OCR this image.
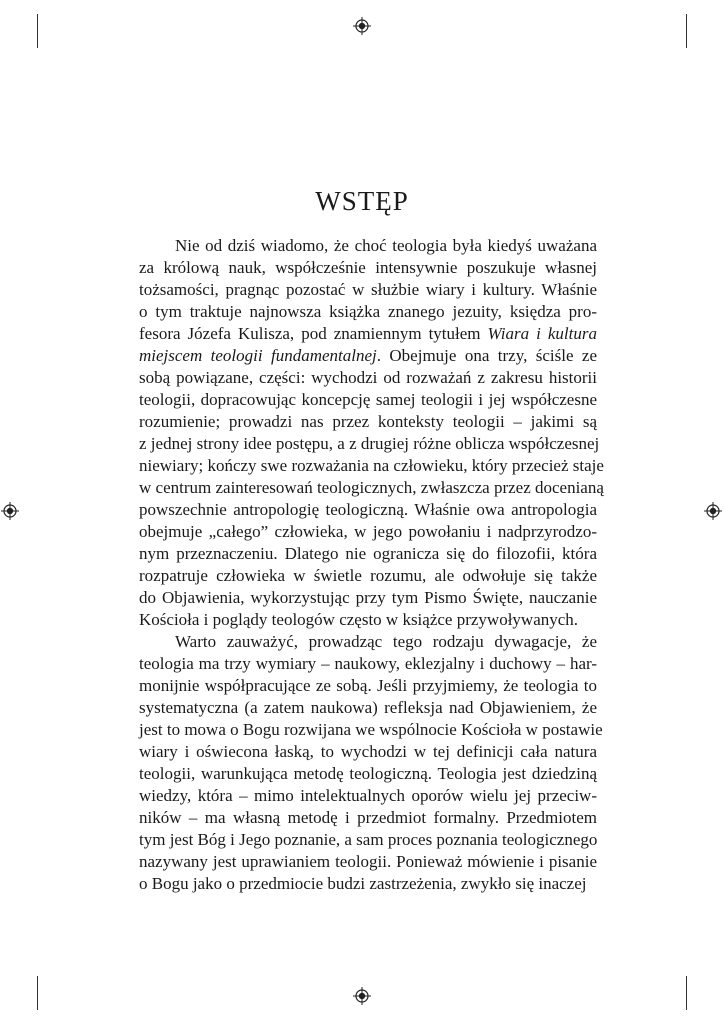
WSTĘP
Nie od dziś wiadomo, że choć teologia była kiedyś uważana
za królową nauk, współcześnie intensywnie poszukuje własnej
tożsamości, pragnąc pozostać w służbie wiary i kultury. Właśnie
o tym traktuje najnowsza książka znanego jezuity, księdza pro-
fesora Józefa Kulisza, pod znamiennym tytułem Wiara i kultura
miejscem teologii fundamentalnej. Obejmuje ona trzy, ściśle ze
sobą powiązane, części: wychodzi od rozważań z zakresu historii
teologii, dopracowując koncepcję samej teologii i jej współczesne
rozumienie; prowadzi nas przez konteksty teologii – jakimi są
z jednej strony idee postępu, a z drugiej różne oblicza współczesnej
niewiary; kończy swe rozważania na człowieku, który przecież staje
w centrum zainteresowań teologicznych, zwłaszcza przez docenianą
powszechnie antropologię teologiczną. Właśnie owa antropologia
obejmuje „całego” człowieka, w jego powołaniu i nadprzyrodzo-
nym przeznaczeniu. Dlatego nie ogranicza się do filozofii, która
rozpatruje człowieka w świetle rozumu, ale odwołuje się także
do Objawienia, wykorzystując przy tym Pismo Święte, nauczanie
Kościoła i poglądy teologów często w książce przywoływanych.
Warto zauważyć, prowadząc tego rodzaju dywagacje, że
teologia ma trzy wymiary – naukowy, eklezjalny i duchowy – har-
monijnie współpracujące ze sobą. Jeśli przyjmiemy, że teologia to
systematyczna (a zatem naukowa) refleksja nad Objawieniem, że
jest to mowa o Bogu rozwijana we wspólnocie Kościoła w postawie
wiary i oświecona łaską, to wychodzi w tej definicji cała natura
teologii, warunkująca metodę teologiczną. Teologia jest dziedziną
wiedzy, która – mimo intelektualnych oporów wielu jej przeciw-
ników – ma własną metodę i przedmiot formalny. Przedmiotem
tym jest Bóg i Jego poznanie, a sam proces poznania teologicznego
nazywany jest uprawianiem teologii. Ponieważ mówienie i pisanie
o Bogu jako o przedmiocie budzi zastrzeżenia, zwykło się inaczej
